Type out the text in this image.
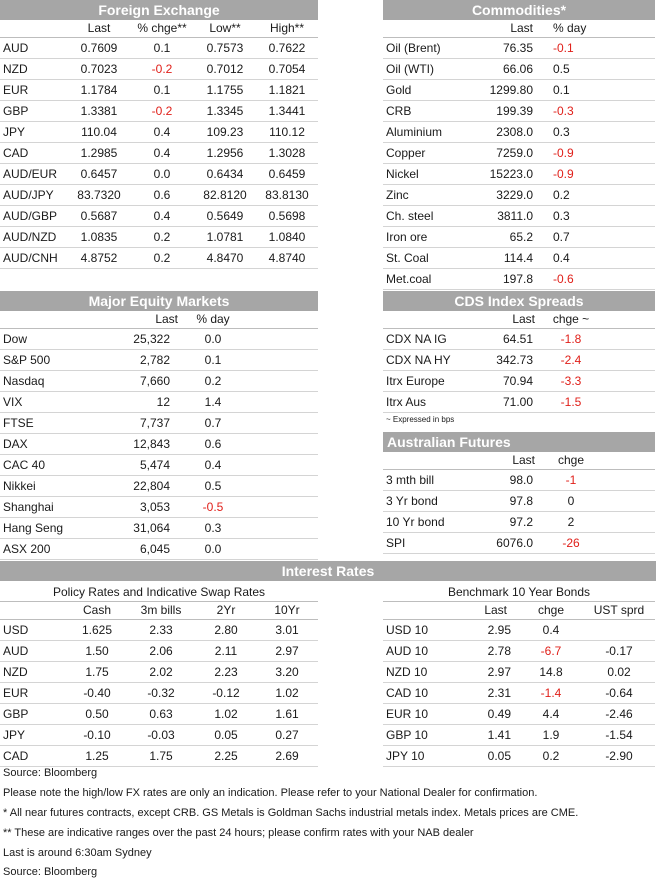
Foreign Exchange
	Last	% chge**	Low**	High**
AUD	0.7609	0.1	0.7573	0.7622
NZD	0.7023	-0.2	0.7012	0.7054
EUR	1.1784	0.1	1.1755	1.1821
GBP	1.3381	-0.2	1.3345	1.3441
JPY	110.04	0.4	109.23	110.12
CAD	1.2985	0.4	1.2956	1.3028
AUD/EUR	0.6457	0.0	0.6434	0.6459
AUD/JPY	83.7320	0.6	82.8120	83.8130
AUD/GBP	0.5687	0.4	0.5649	0.5698
AUD/NZD	1.0835	0.2	1.0781	1.0840
AUD/CNH	4.8752	0.2	4.8470	4.8740
Commodities*
	Last	% day
Oil (Brent)	76.35	-0.1
Oil (WTI)	66.06	0.5
Gold	1299.80	0.1
CRB	199.39	-0.3
Aluminium	2308.0	0.3
Copper	7259.0	-0.9
Nickel	15223.0	-0.9
Zinc	3229.0	0.2
Ch. steel	3811.0	0.3
Iron ore	65.2	0.7
St. Coal	114.4	0.4
Met.coal	197.8	-0.6
Major Equity Markets
	Last	% day	
Dow	25,322	0.0	
S&P 500	2,782	0.1	
Nasdaq	7,660	0.2	
VIX	12	1.4	
FTSE	7,737	0.7	
DAX	12,843	0.6	
CAC 40	5,474	0.4	
Nikkei	22,804	0.5	
Shanghai	3,053	-0.5	
Hang Seng	31,064	0.3	
ASX 200	6,045	0.0	
CDS Index Spreads
	Last	chge ~	
CDX NA IG	64.51	-1.8	
CDX NA HY	342.73	-2.4	
Itrx Europe	70.94	-3.3	
Itrx Aus	71.00	-1.5	
~ Expressed in bps
Australian Futures
	Last	chge	
3 mth bill	98.0	-1	
3 Yr bond	97.8	0	
10 Yr bond	97.2	2	
SPI	6076.0	-26	
Interest Rates
Policy Rates and Indicative Swap Rates
	Cash	3m bills	2Yr	10Yr
USD	1.625	2.33	2.80	3.01
AUD	1.50	2.06	2.11	2.97
NZD	1.75	2.02	2.23	3.20
EUR	-0.40	-0.32	-0.12	1.02
GBP	0.50	0.63	1.02	1.61
JPY	-0.10	-0.03	0.05	0.27
CAD	1.25	1.75	2.25	2.69
Benchmark 10 Year Bonds
	Last	chge	UST sprd
USD 10	2.95	0.4	
AUD 10	2.78	-6.7	-0.17
NZD 10	2.97	14.8	0.02
CAD 10	2.31	-1.4	-0.64
EUR 10	0.49	4.4	-2.46
GBP 10	1.41	1.9	-1.54
JPY 10	0.05	0.2	-2.90
Source: Bloomberg
Please note the high/low FX rates are only an indication. Please refer to your National Dealer for confirmation.
* All near futures contracts, except CRB. GS Metals is Goldman Sachs industrial metals index. Metals prices are CME.
** These are indicative ranges over the past 24 hours; please confirm rates with your NAB dealer
Last is around 6:30am Sydney
Source: Bloomberg
